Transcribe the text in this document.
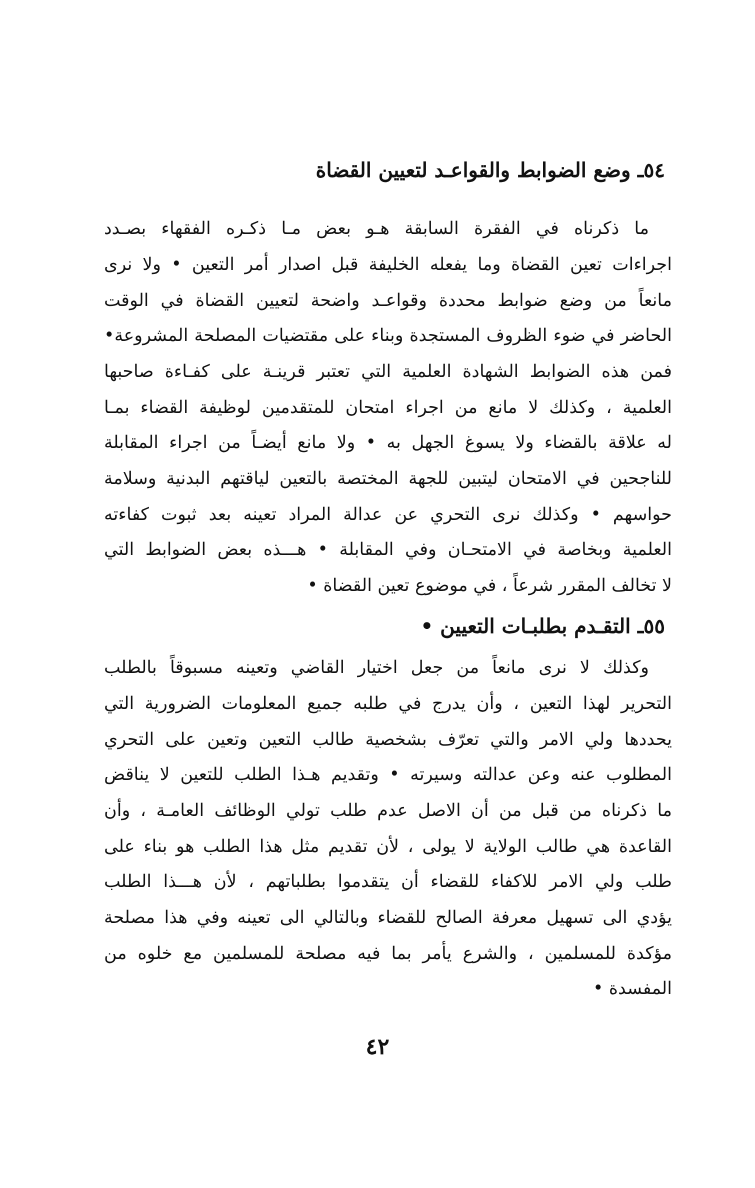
٥٤ـ وضع الضوابط والقواعـد لتعيين القضاة
ما ذكرناه في الفقرة السابقة هـو بعض مـا ذكـره الفقهاء بصـدد
اجراءات تعين القضاة وما يفعله الخليفة قبل اصدار أمر التعين • ولا نرى
مانعاً من وضع ضوابط محددة وقواعـد واضحة لتعيين القضاة في الوقت
الحاضر في ضوء الظروف المستجدة وبناء على مقتضيات المصلحة المشروعة•
فمن هذه الضوابط الشهادة العلمية التي تعتبر قرينـة على كفـاءة صاحبها
العلمية ، وكذلك لا مانع من اجراء امتحان للمتقدمين لوظيفة القضاء بمـا
له علاقة بالقضاء ولا يسوغ الجهل به • ولا مانع أيضـاً من اجراء المقابلة
للناجحين في الامتحان ليتبين للجهة المختصة بالتعين لياقتهم البدنية وسلامة
حواسهم • وكذلك نرى التحري عن عدالة المراد تعينه بعد ثبوت كفاءته
العلمية وبخاصة في الامتحـان وفي المقابلة • هـــذه بعض الضوابط التي
لا تخالف المقرر شرعاً ، في موضوع تعين القضاة •
٥٥ـ التقـدم بطلبـات التعيين •
وكذلك لا نرى مانعاً من جعل اختيار القاضي وتعينه مسبوقاً بالطلب
التحرير لهذا التعين ، وأن يدرج في طلبه جميع المعلومات الضرورية التي
يحددها ولي الامر والتي تعرّف بشخصية طالب التعين وتعين على التحري
المطلوب عنه وعن عدالته وسيرته • وتقديم هـذا الطلب للتعين لا يناقض
ما ذكرناه من قبل من أن الاصل عدم طلب تولي الوظائف العامـة ، وأن
القاعدة هي طالب الولاية لا يولى ، لأن تقديم مثل هذا الطلب هو بناء على
طلب ولي الامر للاكفاء للقضاء أن يتقدموا بطلباتهم ، لأن هـــذا الطلب
يؤدي الى تسهيل معرفة الصالح للقضاء وبالتالي الى تعينه وفي هذا مصلحة
مؤكدة للمسلمين ، والشرع يأمر بما فيه مصلحة للمسلمين مع خلوه من
المفسدة •
٤٢
